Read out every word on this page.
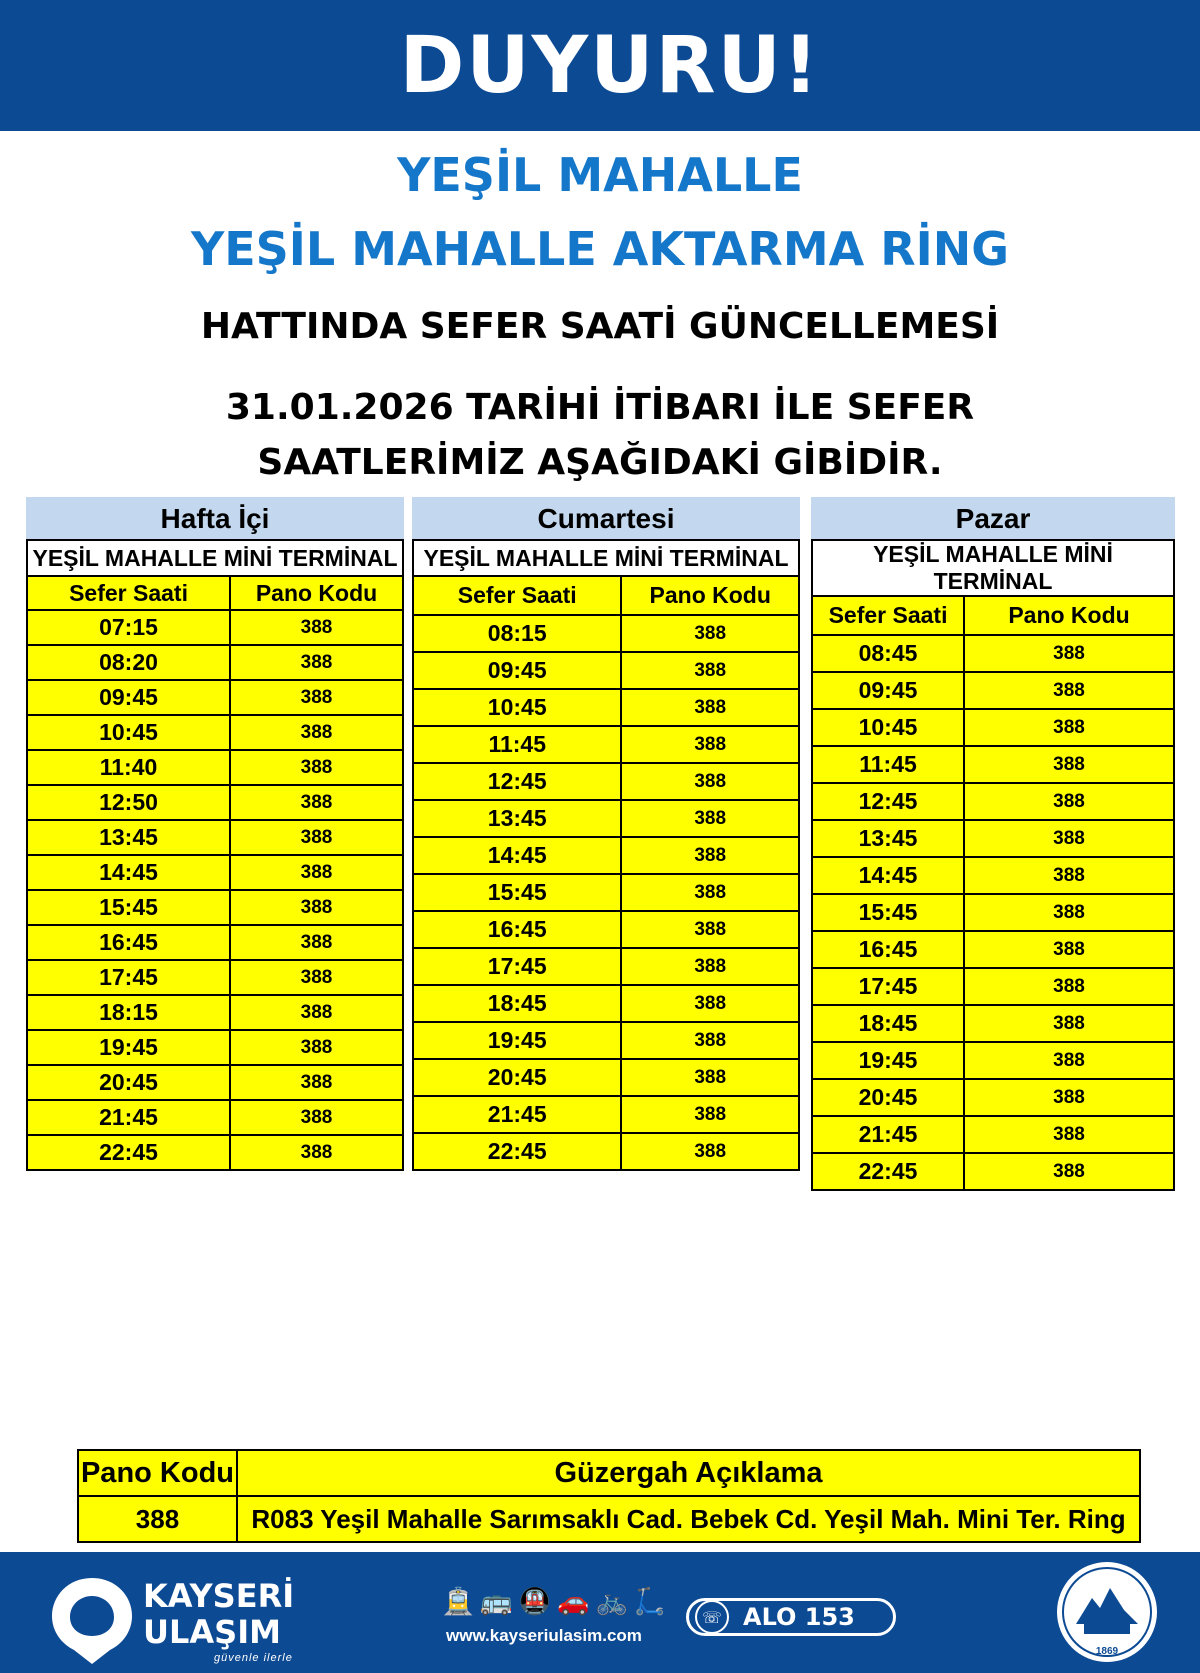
DUYURU!
YEŞİL MAHALLE
YEŞİL MAHALLE AKTARMA RİNG
HATTINDA SEFER SAATİ GÜNCELLEMESİ
31.01.2026 TARİHİ İTİBARI İLE SEFER
SAATLERİMİZ AŞAĞIDAKİ GİBİDİR.
Hafta İçi	
YEŞİL MAHALLE MİNİ TERMİNAL	
Sefer Saati	Pano Kodu
07:15	388
08:20	388
09:45	388
10:45	388
11:40	388
12:50	388
13:45	388
14:45	388
15:45	388
16:45	388
17:45	388
18:15	388
19:45	388
20:45	388
21:45	388
22:45	388
Cumartesi	
YEŞİL MAHALLE MİNİ TERMİNAL	
Sefer Saati	Pano Kodu
08:15	388
09:45	388
10:45	388
11:45	388
12:45	388
13:45	388
14:45	388
15:45	388
16:45	388
17:45	388
18:45	388
19:45	388
20:45	388
21:45	388
22:45	388
Pazar	
YEŞİL MAHALLE MİNİ TERMİNAL	
Sefer Saati	Pano Kodu
08:45	388
09:45	388
10:45	388
11:45	388
12:45	388
13:45	388
14:45	388
15:45	388
16:45	388
17:45	388
18:45	388
19:45	388
20:45	388
21:45	388
22:45	388
Pano Kodu	Güzergah Açıklama
388	R083 Yeşil Mahalle Sarımsaklı Cad. Bebek Cd. Yeşil Mah. Mini Ter. Ring
KAYSERİ
ULAŞIM
güvenle ilerle
🚊🚌🚇🚗🚲🛴
www.kayseriulasim.com
☏ ALO 153
1869
